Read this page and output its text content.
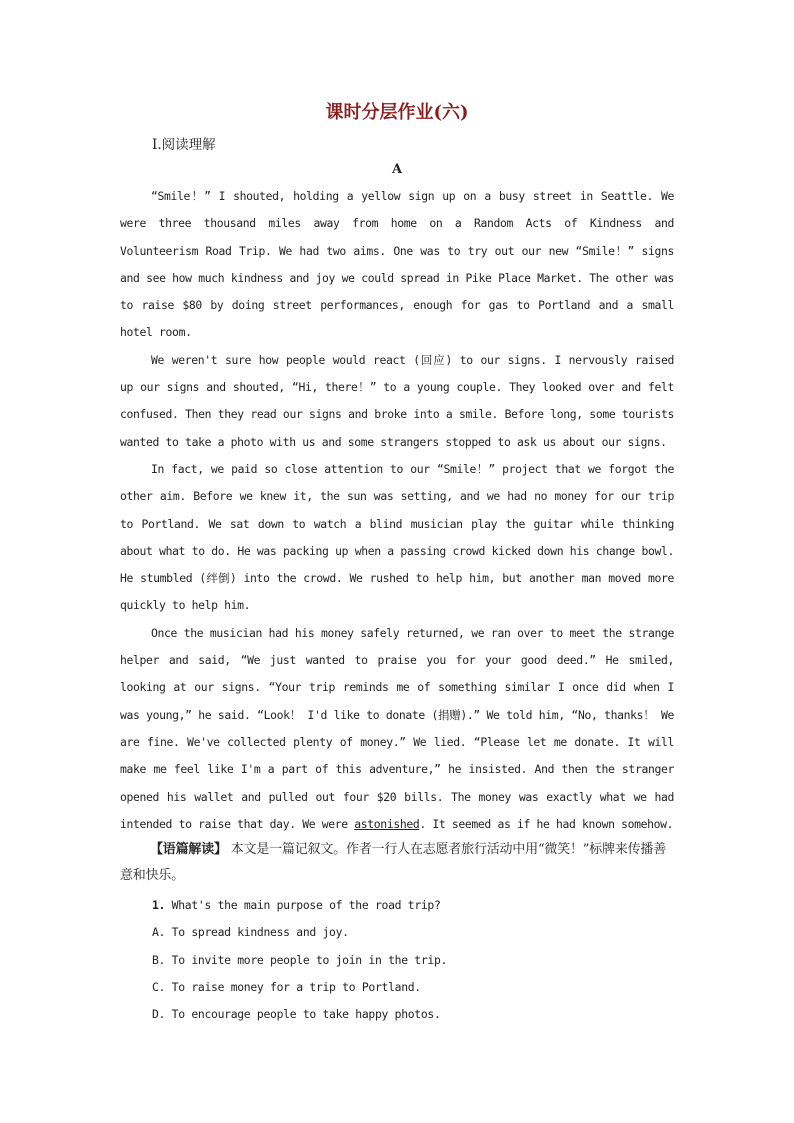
课时分层作业(六)
Ⅰ.阅读理解
A

“Smile！” I shouted, holding a yellow sign up on a busy street in Seattle. We were three thousand miles away from home on a Random Acts of Kindness and Volunteerism Road Trip. We had two aims. One was to try out our new “Smile！” signs and see how much kindness and joy we could spread in Pike Place Market. The other was to raise $80 by doing street performances, enough for gas to Portland and a small hotel room.

We weren't sure how people would react (回应) to our signs. I nervously raised up our signs and shouted, “Hi, there！” to a young couple. They looked over and felt confused. Then they read our signs and broke into a smile. Before long, some tourists wanted to take a photo with us and some strangers stopped to ask us about our signs.

In fact, we paid so close attention to our “Smile！” project that we forgot the other aim. Before we knew it, the sun was setting, and we had no money for our trip to Portland. We sat down to watch a blind musician play the guitar while thinking about what to do. He was packing up when a passing crowd kicked down his change bowl. He stumbled (绊倒) into the crowd. We rushed to help him, but another man moved more quickly to help him.

Once the musician had his money safely returned, we ran over to meet the strange helper and said, “We just wanted to praise you for your good deed.” He smiled, looking at our signs. “Your trip reminds me of something similar I once did when I was young,” he said. “Look！ I'd like to donate (捐赠).” We told him, “No, thanks！ We are fine. We've collected plenty of money.” We lied. “Please let me donate. It will make me feel like I'm a part of this adventure,” he insisted. And then the stranger opened his wallet and pulled out four $20 bills. The money was exactly what we had intended to raise that day. We were astonished. It seemed as if he had known somehow.

【语篇解读】 本文是一篇记叙文。作者一行人在志愿者旅行活动中用“微笑！”标牌来传播善意和快乐。
1. What's the main purpose of the road trip?
A. To spread kindness and joy.
B. To invite more people to join in the trip.
C. To raise money for a trip to Portland.
D. To encourage people to take happy photos.
